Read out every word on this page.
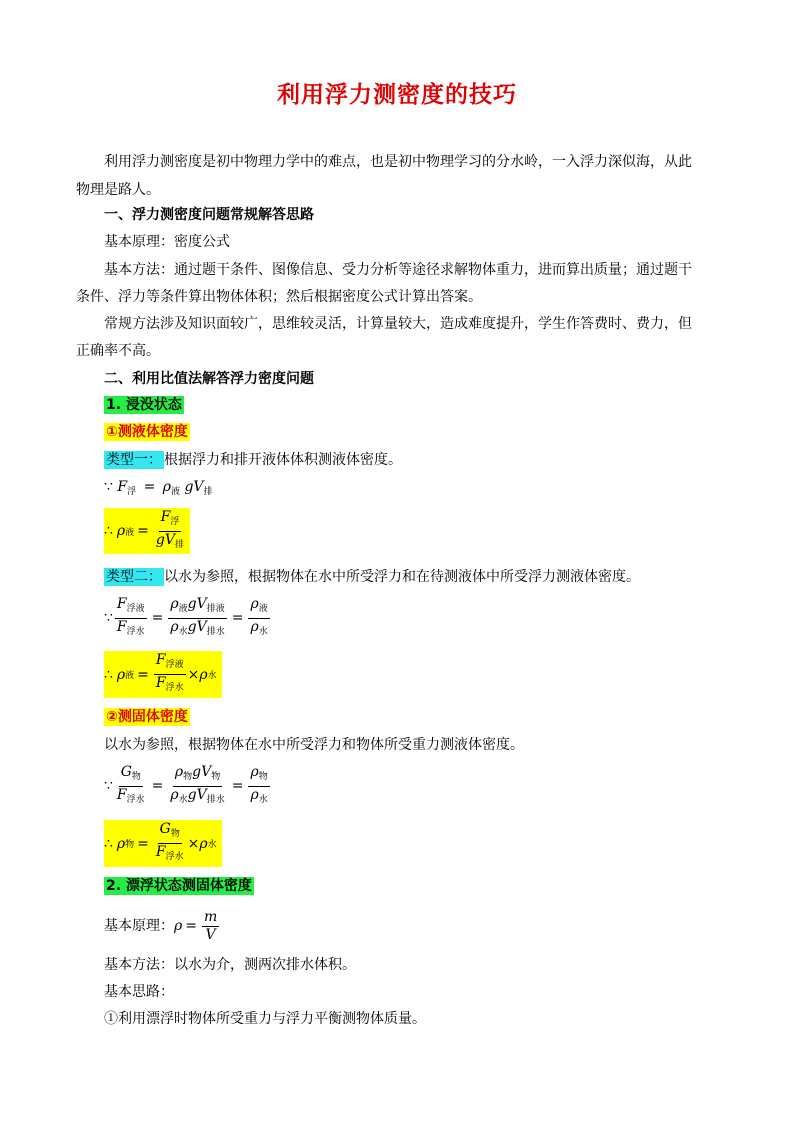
利用浮力测密度的技巧
利用浮力测密度是初中物理力学中的难点，也是初中物理学习的分水岭，一入浮力深似海，从此
物理是路人。
一、浮力测密度问题常规解答思路
基本原理：密度公式
基本方法：通过题干条件、图像信息、受力分析等途径求解物体重力，进而算出质量；通过题干
条件、浮力等条件算出物体体积；然后根据密度公式计算出答案。
常规方法涉及知识面较广，思维较灵活，计算量较大，造成难度提升，学生作答费时、费力，但
正确率不高。
二、利用比值法解答浮力密度问题
1. 浸没状态
①测液体密度
类型一： 根据浮力和排开液体体积测液体密度。
∵ $F_浮 = \rho_液$ $gV_排$
∴ ρ 液 = $\frac{F_浮}{gV_排}$
类型二： 以水为参照，根据物体在水中所受浮力和在待测液体中所受浮力测液体密度。
∵ $\frac{F_{浮液}}{F_{浮水}} = \frac{\rho_液gV_{排液}}{\rho_水gV_{排水}} = \frac{\rho_液}{\rho_水}$
∴ ρ 液 = $\frac{F_{浮液}}{F_{浮水}} \times \rho$ 水
②测固体密度
以水为参照，根据物体在水中所受浮力和物体所受重力测液体密度。
∵ $\frac{G_物}{F_{浮水}} = \frac{\rho_物gV_物}{\rho_水gV_{排水}} = \frac{\rho_物}{\rho_水}$
∴ ρ 物 = $\frac{G_物}{F_{浮水}} \times \rho$ 水
2. 漂浮状态测固体密度
基本原理： $\rho = \frac{m}{V}$
基本方法：以水为介，测两次排水体积。
基本思路：
①利用漂浮时物体所受重力与浮力平衡测物体质量。
